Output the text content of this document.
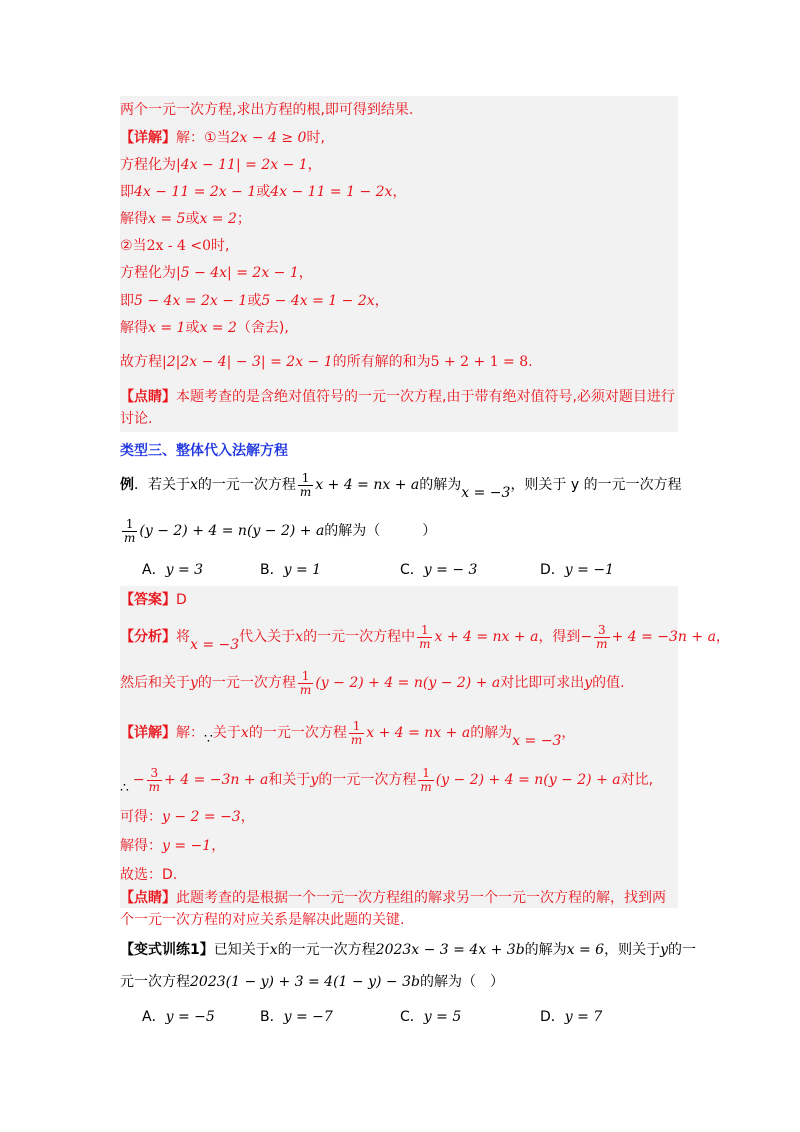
两个一元一次方程,求出方程的根,即可得到结果.
【详解】解：①当2x − 4 ≥ 0时,
方程化为|4x − 11| = 2x − 1，
即4x − 11 = 2x − 1或4x − 11 = 1 − 2x，
解得x = 5或x = 2；
②当2x - 4 <0时,
方程化为|5 − 4x| = 2x − 1，
即5 − 4x = 2x − 1或5 − 4x = 1 − 2x，
解得x = 1或x = 2（舍去),
故方程|2|2x − 4| − 3| = 2x − 1的所有解的和为5 + 2 + 1 = 8.
【点睛】本题考查的是含绝对值符号的一元一次方程,由于带有绝对值符号,必须对题目进行
讨论.
类型三、整体代入法解方程
例．若关于x的一元一次方程 $\frac{1}{m}$ x + 4 = nx + a的解为x = −3，则关于 y 的一元一次方程
$\frac{1}{m} (y - 2) + 4 = n(y - 2) + a$的解为（　　　）
A．y = 3	B．y = 1	C．y = − 3	D．y = −1
【答案】D
【分析】将x = −3代入关于x的一元一次方程中 $\frac{1}{m}$ x + 4 = nx + a，得到− $\frac{3}{m} + 4 = -3n + a$，
然后和关于y的一元一次方程 $\frac{1}{m} (y - 2) + 4 = n(y - 2) + a$对比即可求出y的值.
【详解】解：∵关于x的一元一次方程 $\frac{1}{m}$ x + 4 = nx + a的解为x = −3，
∴ − $\frac{3}{m} + 4 = -3n + a$和关于y的一元一次方程 $\frac{1}{m} (y - 2) + 4 = n(y - 2) + a$对比,
可得：y − 2 = −3，
解得：y = −1，
故选：D.
【点睛】此题考查的是根据一个一元一次方程组的解求另一个一元一次方程的解，找到两
个一元一次方程的对应关系是解决此题的关键.
【变式训练1】已知关于x的一元一次方程2023x − 3 = 4x + 3b的解为x = 6，则关于y的一
元一次方程2023(1 − y) + 3 = 4(1 − y) − 3b的解为（　）
A．y = −5	B．y = −7	C．y = 5	D．y = 7
